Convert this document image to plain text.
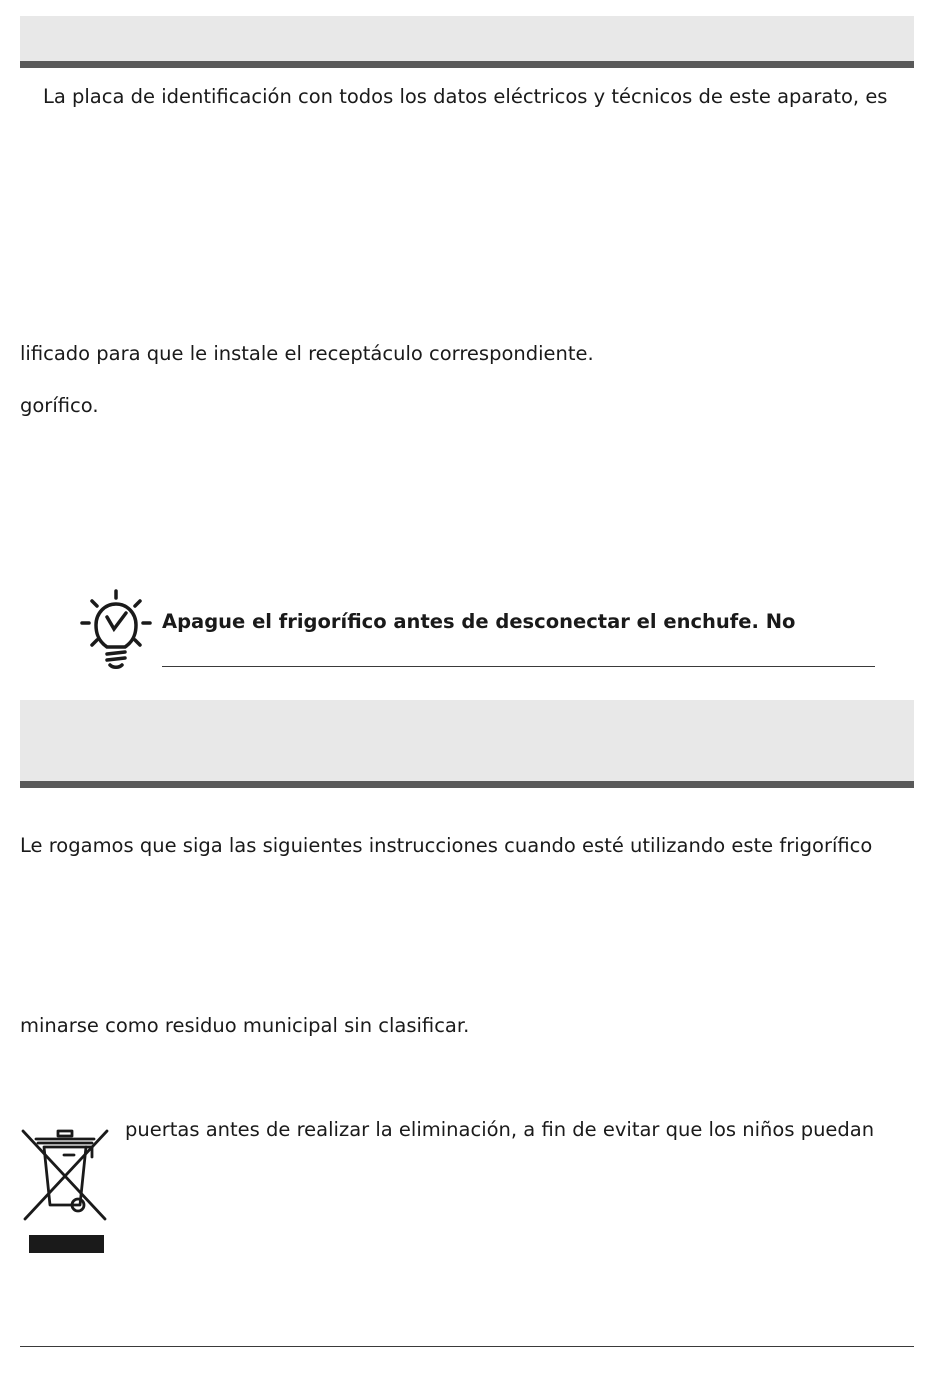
La placa de identificación con todos los datos eléctricos y técnicos de este aparato, es
lificado para que le instale el receptáculo correspondiente.
gorífico.
Apague el frigorífico antes de desconectar el enchufe. No
Le rogamos que siga las siguientes instrucciones cuando esté utilizando este frigorífico
minarse como residuo municipal sin clasificar.
puertas antes de realizar la eliminación, a fin de evitar que los niños puedan
